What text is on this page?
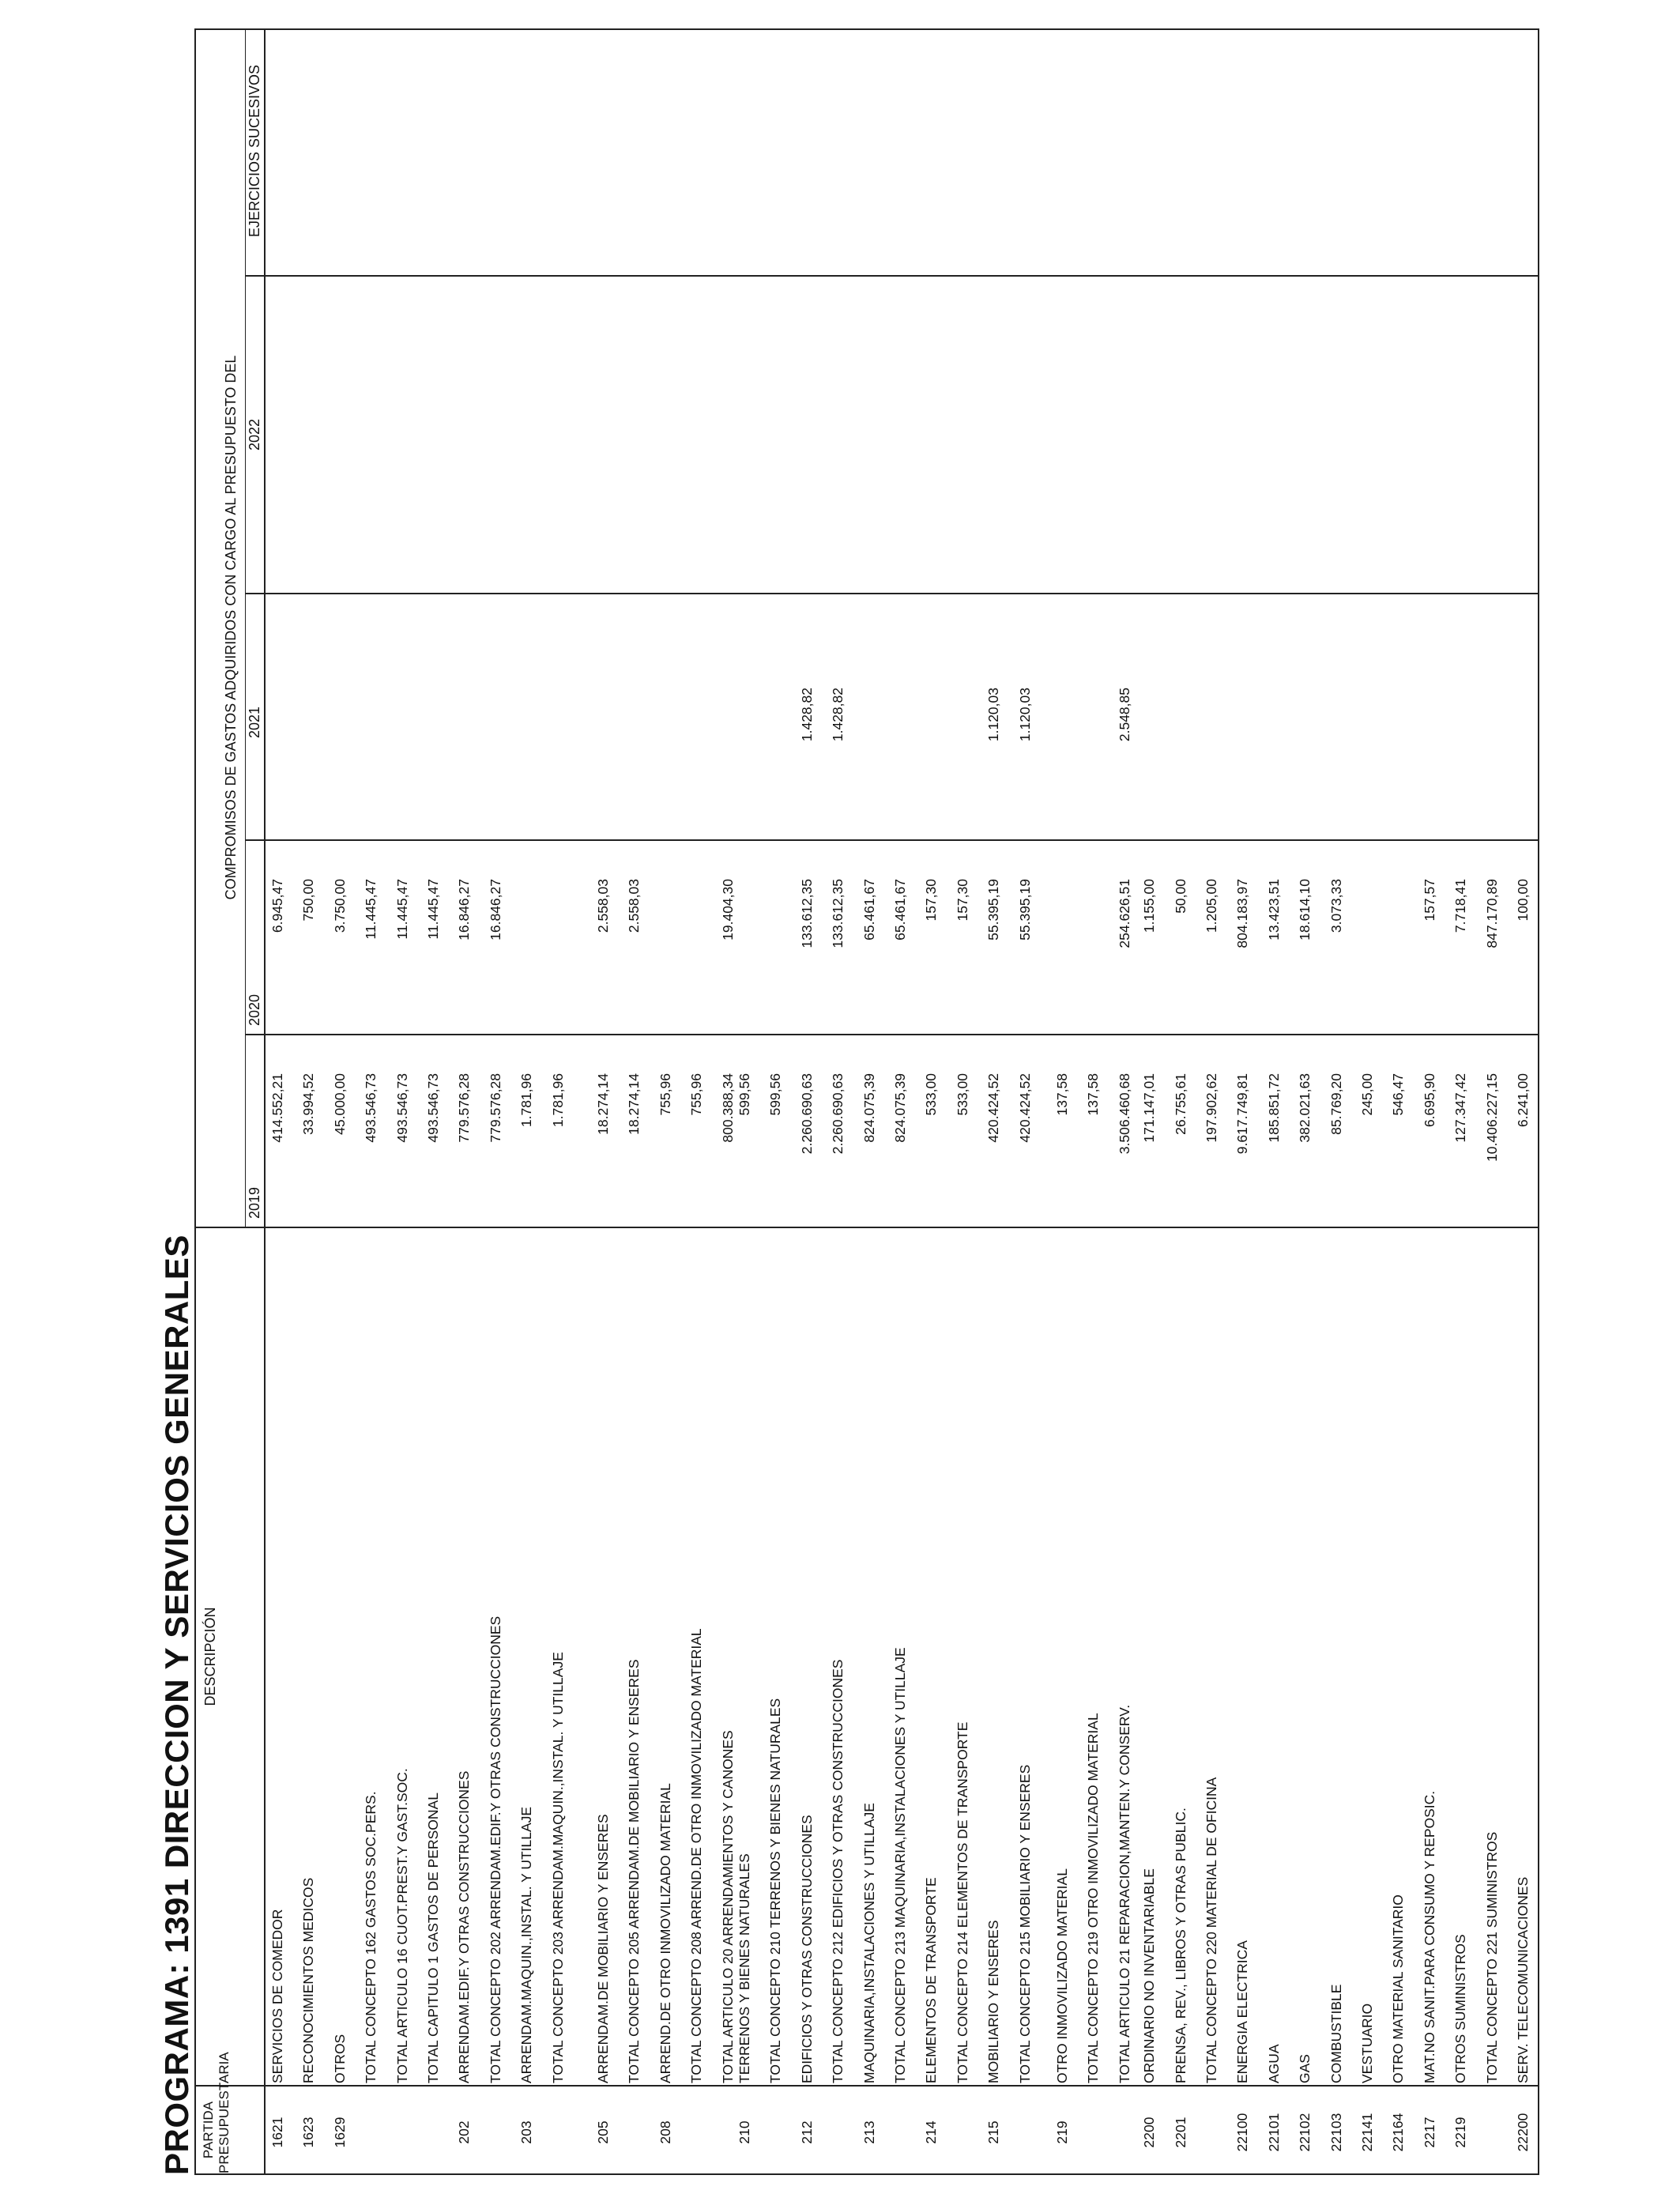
PROGRAMA: 1391 DIRECCION Y SERVICIOS GENERALES PARTIDA PRESUPUESTARIA
DESCRIPCIÓN
COMPROMISOS DE GASTOS ADQUIRIDOS CON CARGO AL PRESUPUESTO DEL
2019
2020
2021
2022
EJERCICIOS SUCESIVOS
1621
SERVICIOS DE COMEDOR
414.552,21
6.945,47
1623
RECONOCIMIENTOS MEDICOS
33.994,52
750,00
1629
OTROS
45.000,00
3.750,00
TOTAL CONCEPTO 162 GASTOS SOC.PERS.
493.546,73
11.445,47
TOTAL ARTICULO 16 CUOT.PREST.Y GAST.SOC.
493.546,73
11.445,47
TOTAL CAPITULO 1 GASTOS DE PERSONAL
493.546,73
11.445,47
202
ARRENDAM.EDIF.Y OTRAS CONSTRUCCIONES
779.576,28
16.846,27
TOTAL CONCEPTO 202 ARRENDAM.EDIF.Y OTRAS CONSTRUCCIONES
779.576,28
16.846,27
203
ARRENDAM.MAQUIN.,INSTAL. Y UTILLAJE
1.781,96
TOTAL CONCEPTO 203 ARRENDAM.MAQUIN.,INSTAL. Y UTILLAJE
1.781,96
205
ARRENDAM.DE MOBILIARIO Y ENSERES
18.274,14
2.558,03
TOTAL CONCEPTO 205 ARRENDAM.DE MOBILIARIO Y ENSERES
18.274,14
2.558,03
208
ARREND.DE OTRO INMOVILIZADO MATERIAL
755,96
TOTAL CONCEPTO 208 ARREND.DE OTRO INMOVILIZADO MATERIAL
755,96
TOTAL ARTICULO 20 ARRENDAMIENTOS Y CANONES
800.388,34
19.404,30
210
TERRENOS Y BIENES NATURALES
599,56
TOTAL CONCEPTO 210 TERRENOS Y BIENES NATURALES
599,56
212
EDIFICIOS Y OTRAS CONSTRUCCIONES
2.260.690,63
133.612,35
1.428,82
TOTAL CONCEPTO 212 EDIFICIOS Y OTRAS CONSTRUCCIONES
2.260.690,63
133.612,35
1.428,82
213
MAQUINARIA,INSTALACIONES Y UTILLAJE
824.075,39
65.461,67
TOTAL CONCEPTO 213 MAQUINARIA,INSTALACIONES Y UTILLAJE
824.075,39
65.461,67
214
ELEMENTOS DE TRANSPORTE
533,00
157,30
TOTAL CONCEPTO 214 ELEMENTOS DE TRANSPORTE
533,00
157,30
215
MOBILIARIO Y ENSERES
420.424,52
55.395,19
1.120,03
TOTAL CONCEPTO 215 MOBILIARIO Y ENSERES
420.424,52
55.395,19
1.120,03
219
OTRO INMOVILIZADO MATERIAL
137,58
TOTAL CONCEPTO 219 OTRO INMOVILIZADO MATERIAL
137,58
TOTAL ARTICULO 21 REPARACION,MANTEN.Y CONSERV.
3.506.460,68
254.626,51
2.548,85
2200
ORDINARIO NO INVENTARIABLE
171.147,01
1.155,00
2201
PRENSA, REV., LIBROS Y OTRAS PUBLIC.
26.755,61
50,00
TOTAL CONCEPTO 220 MATERIAL DE OFICINA
197.902,62
1.205,00
22100
ENERGIA ELECTRICA
9.617.749,81
804.183,97
22101
AGUA
185.851,72
13.423,51
22102
GAS
382.021,63
18.614,10
22103
COMBUSTIBLE
85.769,20
3.073,33
22141
VESTUARIO
245,00
22164
OTRO MATERIAL SANITARIO
546,47
2217
MAT.NO SANIT.PARA CONSUMO Y REPOSIC.
6.695,90
157,57
2219
OTROS SUMINISTROS
127.347,42
7.718,41
TOTAL CONCEPTO 221 SUMINISTROS
10.406.227,15
847.170,89
22200
SERV. TELECOMUNICACIONES
6.241,00
100,00
